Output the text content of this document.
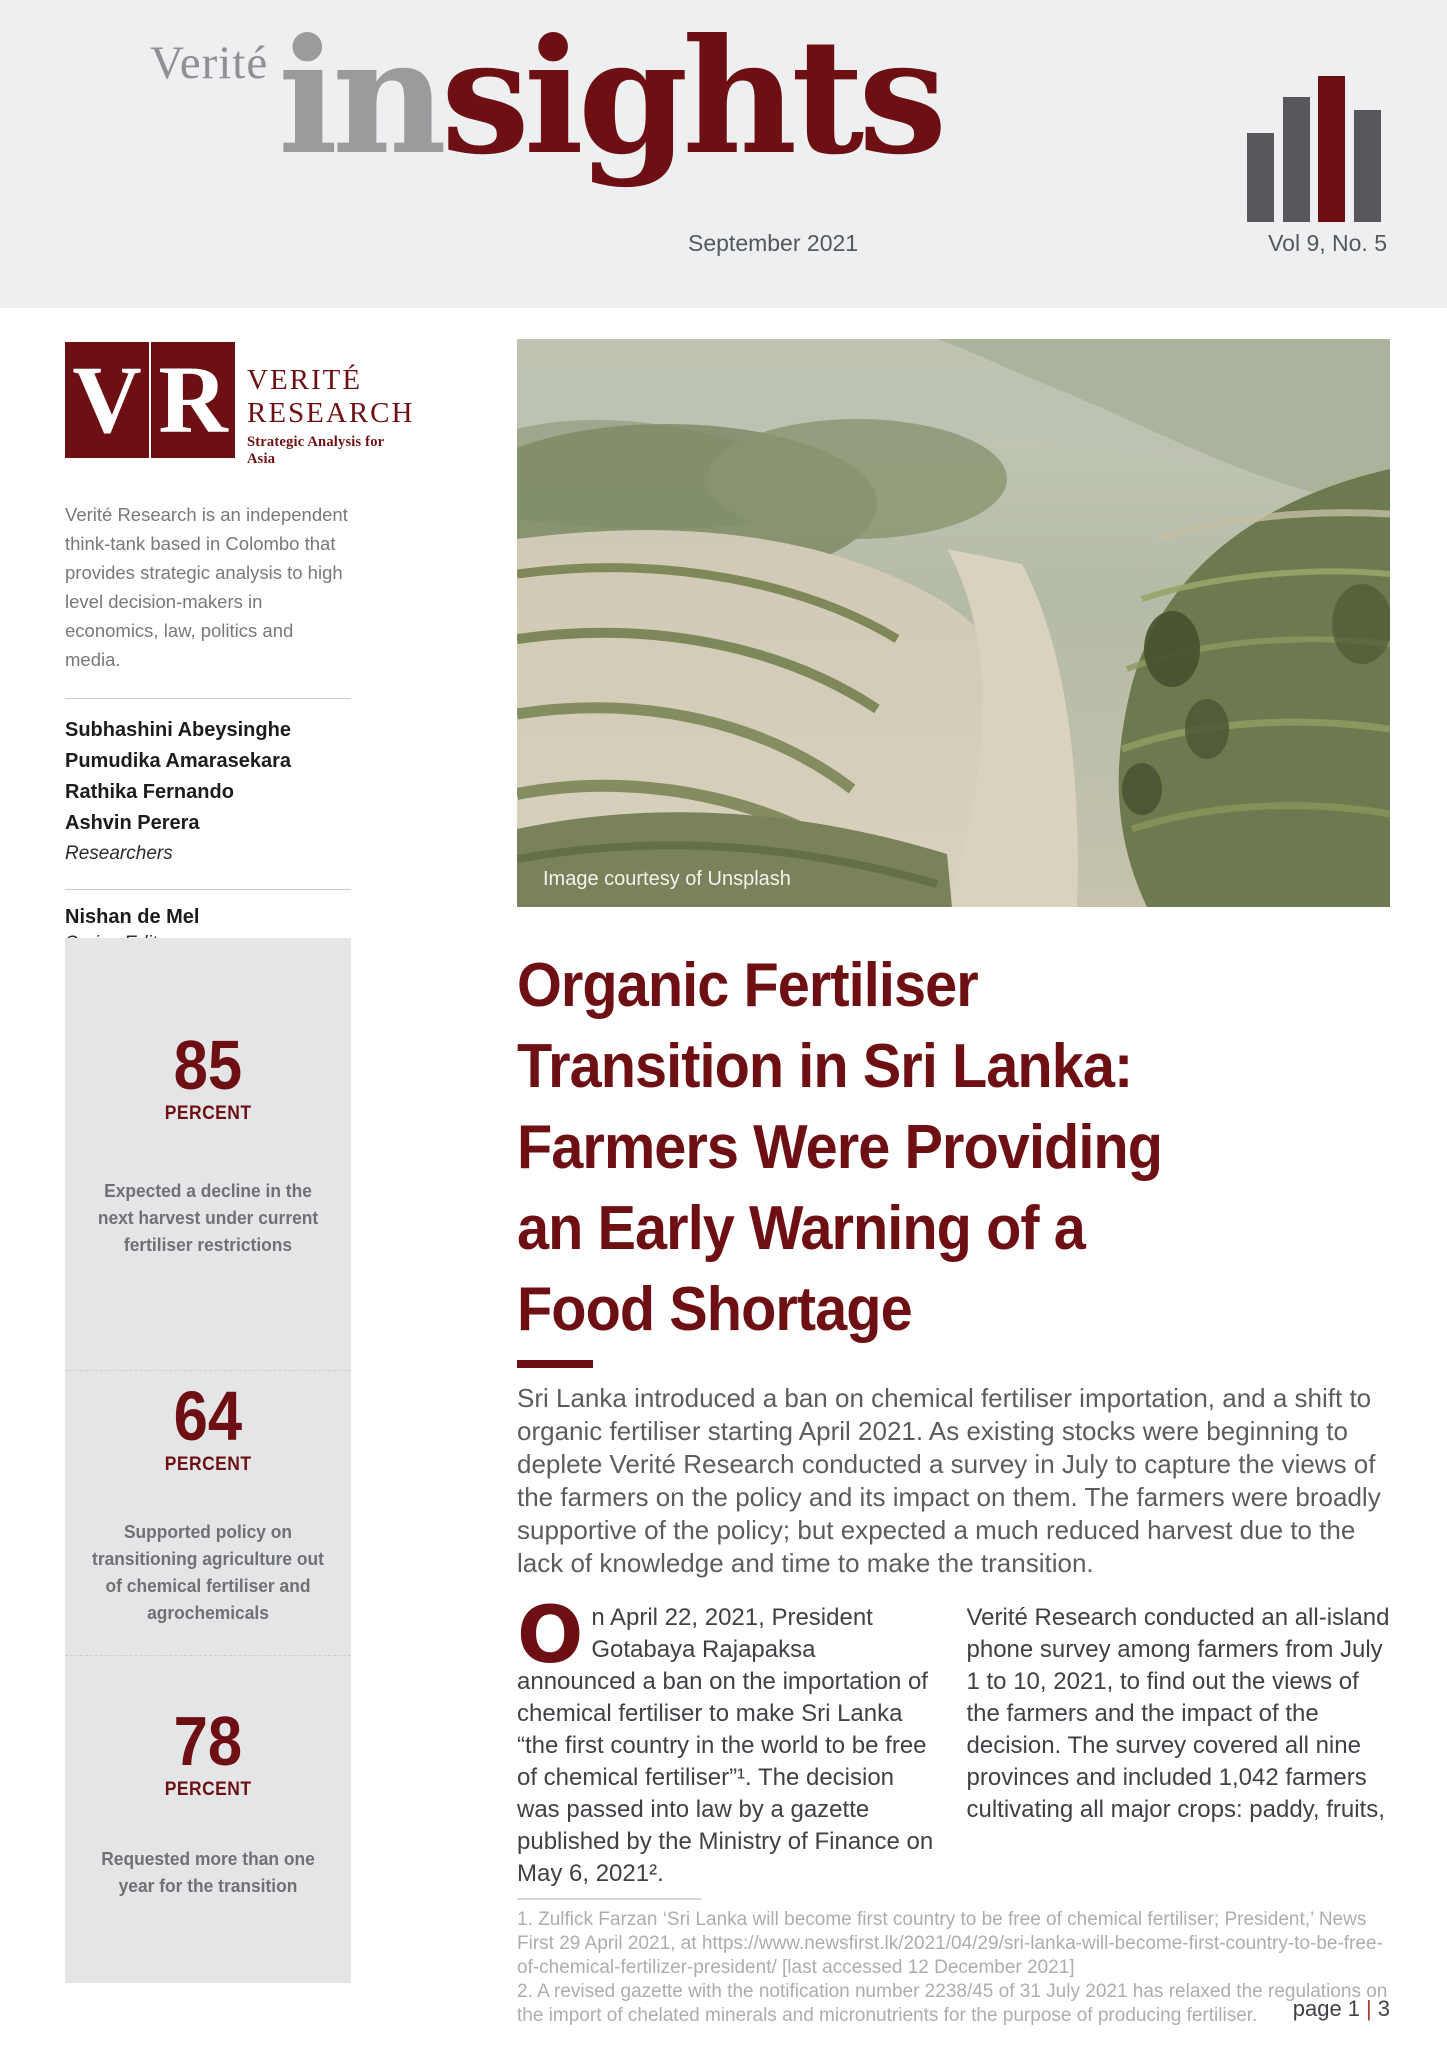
Verité insights
September 2021	Vol 9, No. 5
V R VERITÉ
RESEARCH
Strategic Analysis for Asia
Verité Research is an independent think-tank based in Colombo that provides strategic analysis to high level decision-makers in economics, law, politics and media.
Subhashini Abeysinghe
Pumudika Amarasekara
Rathika Fernando
Ashvin Perera
Researchers
Nishan de Mel
85
PERCENT
Expected a decline in the next harvest under current fertiliser restrictions
64
PERCENT
Supported policy on transitioning agriculture out of chemical fertiliser and agrochemicals
78
PERCENT
Requested more than one year for the transition
Image courtesy of Unsplash
Organic Fertiliser
Transition in Sri Lanka:
Farmers Were Providing
an Early Warning of a
Food Shortage
Sri Lanka introduced a ban on chemical fertiliser importation, and a shift to organic fertiliser starting April 2021. As existing stocks were beginning to deplete Verité Research conducted a survey in July to capture the views of the farmers on the policy and its impact on them. The farmers were broadly supportive of the policy; but expected a much reduced harvest due to the lack of knowledge and time to make the transition.
On April 22, 2021, President Gotabaya Rajapaksa announced a ban on the importation of chemical fertiliser to make Sri Lanka “the first country in the world to be free of chemical fertiliser”¹. The decision was passed into law by a gazette published by the Ministry of Finance on May 6, 2021².
Verité Research conducted an all-island phone survey among farmers from July 1 to 10, 2021, to find out the views of the farmers and the impact of the decision. The survey covered all nine provinces and included 1,042 farmers cultivating all major crops: paddy, fruits,
1. Zulfick Farzan ‘Sri Lanka will become first country to be free of chemical fertiliser; President,’ News First 29 April 2021, at https://www.newsfirst.lk/2021/04/29/sri-lanka-will-become-first-country-to-be-free-of-chemical-fertilizer-president/ [last accessed 12 December 2021]
2. A revised gazette with the notification number 2238/45 of 31 July 2021 has relaxed the regulations on the import of chelated minerals and micronutrients for the purpose of producing fertiliser.	page 1 | 3
